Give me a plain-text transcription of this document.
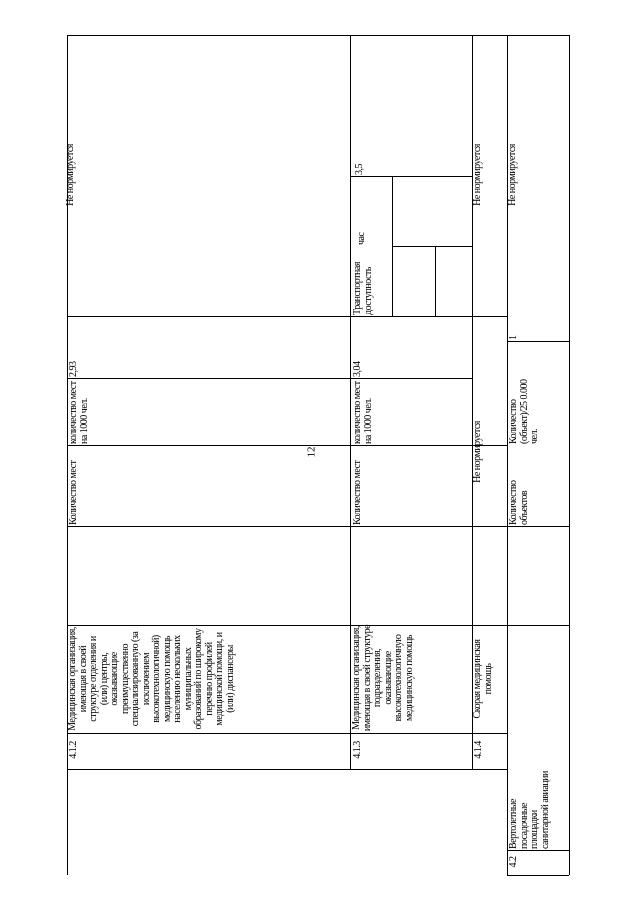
12
4.1.2
Медицинская организация, имеющая в своей структуре отделения и (или) центры, оказывающие преимущественно специализированную (за исключением высокотехнологичной) медицинскую помощь населению нескольких муниципальных образований по широкому перечню профилей медицинской помощи, и (или) диспансеры
Количество мест
количество мест на 1000 чел.
2,93
Не нормируется
4.1.3
Медицинская организация, имеющая в своей структуре подразделения, оказывающие высокотехнологичную медицинскую помощь
Количество мест
количество мест на 1000 чел.
3,04
Транспортная доступность
час
3,5
4.1.4
Скорая медицинская помощь
Не нормируется
Не нормируется
4.2
Вертолетные посадочные площадки санитарной авиации
Количество объектов
Количество (объект)/25 0.000 чел.
1
Не нормируется
